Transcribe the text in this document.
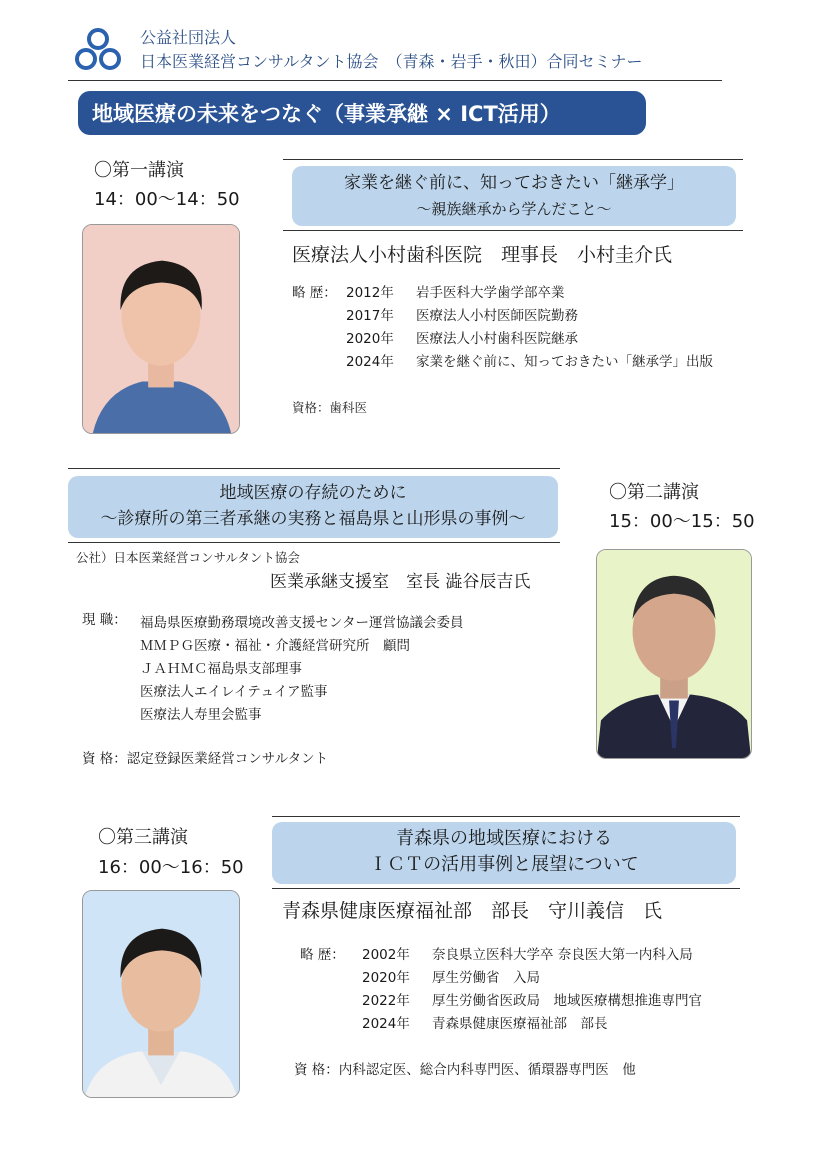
公益社団法人
日本医業経営コンサルタント協会　（青森・岩手・秋田）合同セミナー
地域医療の未来をつなぐ（事業承継 × ICT活用）
〇第一講演
14：00～14：50
家業を継ぐ前に、知っておきたい「継承学」
～親族継承から学んだこと～
医療法人小村歯科医院　理事長　小村圭介氏
略 歴： 2012年	岩手医科大学歯学部卒業
2017年	医療法人小村医師医院勤務
2020年	医療法人小村歯科医院継承
2024年	家業を継ぐ前に、知っておきたい「継承学」出版
資格：歯科医
地域医療の存続のために
～診療所の第三者承継の実務と福島県と山形県の事例～
〇第二講演
15：00～15：50
公社）日本医業経営コンサルタント協会
医業承継支援室　室長 澁谷辰吉氏
現 職： 福島県医療勤務環境改善支援センター運営協議会委員
ＭＭＰＧ医療・福祉・介護経営研究所　顧問
ＪＡＨＭＣ福島県支部理事
医療法人エイレイテュイア監事
医療法人寿里会監事
資 格：認定登録医業経営コンサルタント
〇第三講演
16：00～16：50
青森県の地域医療における
ＩＣＴの活用事例と展望について
青森県健康医療福祉部　部長　守川義信　氏
略 歴： 2002年	奈良県立医科大学卒 奈良医大第一内科入局
2020年	厚生労働省　入局
2022年	厚生労働省医政局　地域医療構想推進専門官
2024年	青森県健康医療福祉部　部長
資 格：内科認定医、総合内科専門医、循環器専門医　他
